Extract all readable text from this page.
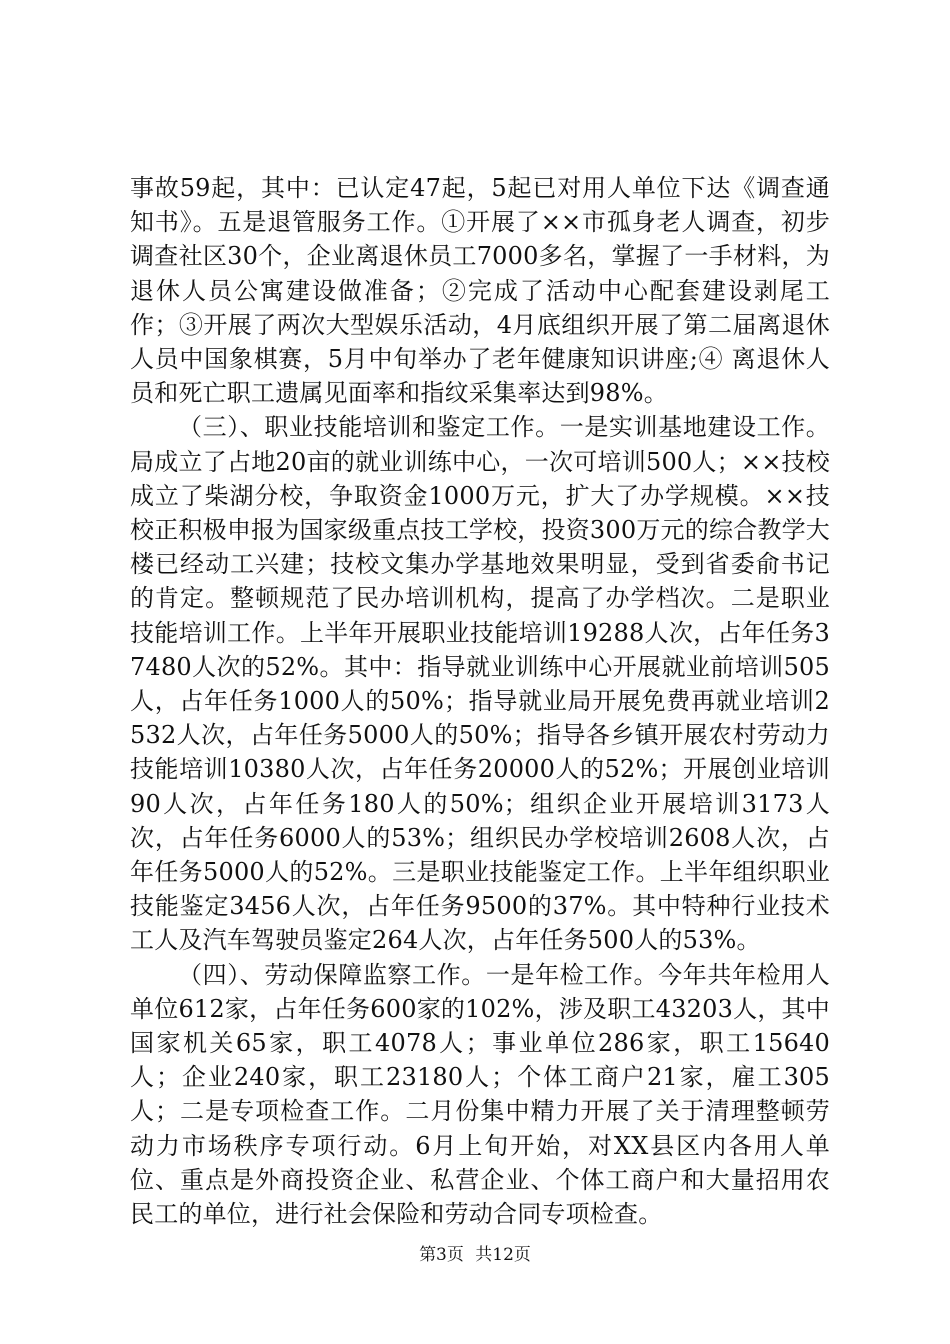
事故59起，其中：已认定47起，5起已对用人单位下达《调查通知书》。五是退管服务工作。①开展了××市孤身老人调查，初步调查社区30个，企业离退休员工7000多名，掌握了一手材料，为退休人员公寓建设做准备；②完成了活动中心配套建设剥尾工作；③开展了两次大型娱乐活动，4月底组织开展了第二届离退休人员中国象棋赛，5月中旬举办了老年健康知识讲座;④ 离退休人员和死亡职工遗属见面率和指纹采集率达到98%。

（三）、职业技能培训和鉴定工作。一是实训基地建设工作。局成立了占地20亩的就业训练中心，一次可培训500人；××技校成立了柴湖分校，争取资金1000万元，扩大了办学规模。××技校正积极申报为国家级重点技工学校，投资300万元的综合教学大楼已经动工兴建；技校文集办学基地效果明显，受到省委俞书记的肯定。整顿规范了民办培训机构，提高了办学档次。二是职业技能培训工作。上半年开展职业技能培训19288人次，占年任务37480人次的52%。其中：指导就业训练中心开展就业前培训505人，占年任务1000人的50%；指导就业局开展免费再就业培训2532人次，占年任务5000人的50%；指导各乡镇开展农村劳动力技能培训10380人次，占年任务20000人的52%；开展创业培训90人次，占年任务180人的50%；组织企业开展培训3173人次，占年任务6000人的53%；组织民办学校培训2608人次，占年任务5000人的52%。三是职业技能鉴定工作。上半年组织职业技能鉴定3456人次，占年任务9500的37%。其中特种行业技术工人及汽车驾驶员鉴定264人次，占年任务500人的53%。

（四）、劳动保障监察工作。一是年检工作。今年共年检用人单位612家，占年任务600家的102%，涉及职工43203人，其中国家机关65家，职工4078人；事业单位286家，职工15640人；企业240家，职工23180人；个体工商户21家，雇工305人；二是专项检查工作。二月份集中精力开展了关于清理整顿劳动力市场秩序专项行动。6月上旬开始，对XX县区内各用人单位、重点是外商投资企业、私营企业、个体工商户和大量招用农民工的单位，进行社会保险和劳动合同专项检查。

第3页 共12页
